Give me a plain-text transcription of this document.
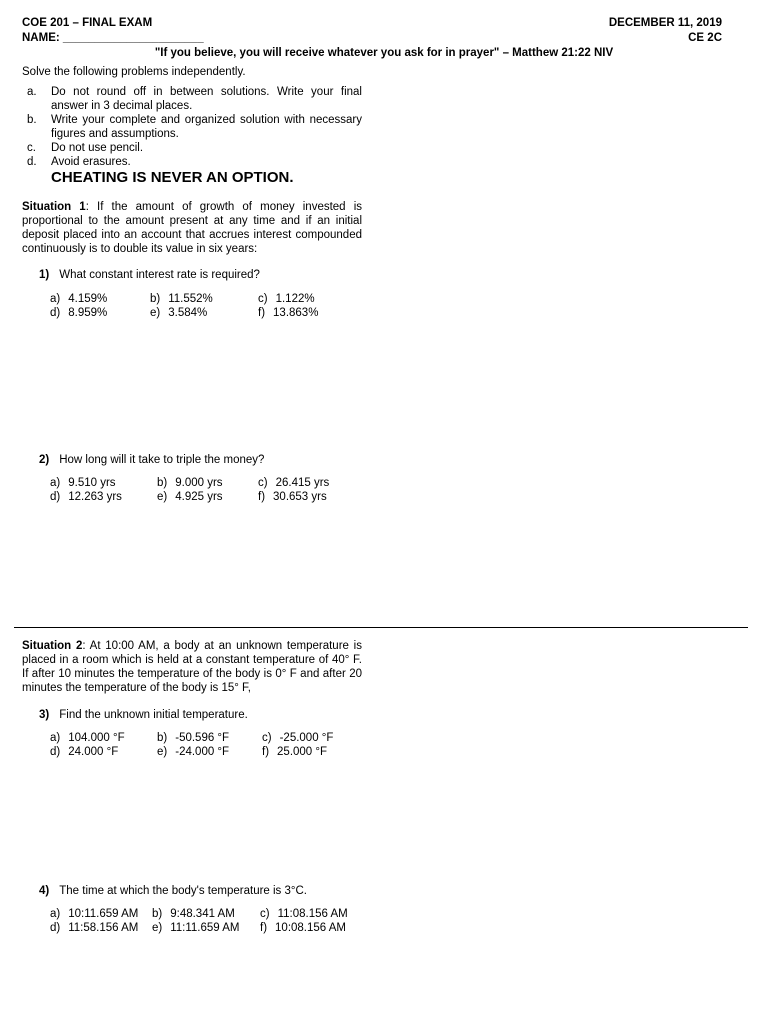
COE 201 – FINAL EXAM	DECEMBER 11, 2019
NAME: ______________________	CE 2C
"If you believe, you will receive whatever you ask for in prayer" – Matthew 21:22 NIV
Solve the following problems independently.
a. Do not round off in between solutions. Write your final answer in 3 decimal places.
b. Write your complete and organized solution with necessary figures and assumptions.
c. Do not use pencil.
d. Avoid erasures.
CHEATING IS NEVER AN OPTION.
Situation 1: If the amount of growth of money invested is proportional to the amount present at any time and if an initial deposit placed into an account that accrues interest compounded continuously is to double its value in six years:
1) What constant interest rate is required?
a) 4.159%	b) 11.552%	c) 1.122%
d) 8.959%	e) 3.584%	f) 13.863%
2) How long will it take to triple the money?
a) 9.510 yrs	b) 9.000 yrs	c) 26.415 yrs
d) 12.263 yrs	e) 4.925 yrs	f) 30.653 yrs
Situation 2: At 10:00 AM, a body at an unknown temperature is placed in a room which is held at a constant temperature of 40° F. If after 10 minutes the temperature of the body is 0° F and after 20 minutes the temperature of the body is 15° F,
3) Find the unknown initial temperature.
a) 104.000 °F	b) -50.596 °F	c) -25.000 °F
d) 24.000 °F	e) -24.000 °F	f) 25.000 °F
4) The time at which the body's temperature is 3°C.
a) 10:11.659 AM b) 9:48.341 AM c) 11:08.156 AM
d) 11:58.156 AM e) 11:11.659 AM f) 10:08.156 AM
